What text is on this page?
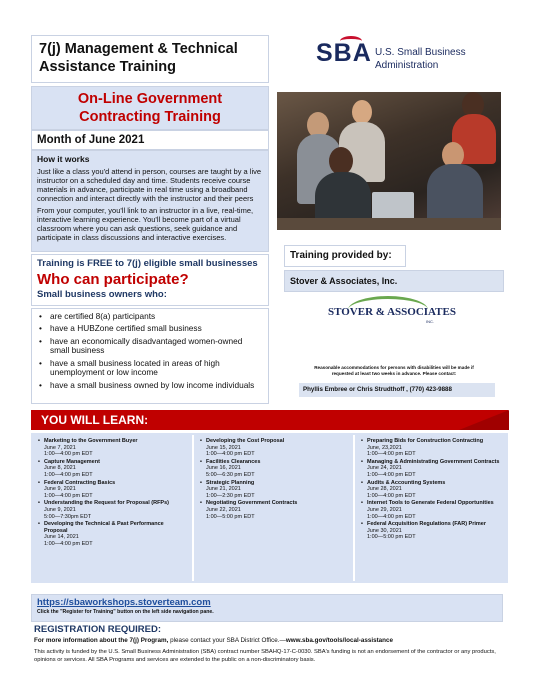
7(j) Management & Technical
Assistance Training	SBA U.S. Small Business
Administration
On-Line Government
Contracting Training
Month of June 2021
How it works

Just like a class you'd attend in person, courses are taught by a live instructor on a scheduled day and time. Students receive course materials in advance, participate in real time using a broadband connection and interact directly with the instructor and their peers

From your computer, you'll link to an instructor in a live, real-time, interactive learning experience. You'll become part of a virtual classroom where you can ask questions, seek guidance and participate in class discussions and interactive exercises.

Training provided by:
Stover & Associates, Inc.
STOVER & ASSOCIATES
INC.
Reasonable accommodations for persons with disabilities will be made if requested at least two weeks in advance. Please contact:
Phyllis Embree or Chris Strudthoff , (770) 423-9888
Training is FREE to 7(j) eligible small businesses
Who can participate?
Small business owners who:
• are certified 8(a) participants
• have a HUBZone certified small business
• have an economically disadvantaged women-owned small business
• have a small business located in areas of high unemployment or low income
• have a small business owned by low income individuals
YOU WILL LEARN:
• Marketing to the Government Buyer
June 7, 2021
1:00—4:00 pm EDT
• Capture Management
June 8, 2021
1:00—4:00 pm EDT
• Federal Contracting Basics
June 9, 2021
1:00—4:00 pm EDT
• Understanding the Request for Proposal (RFPs)
June 9, 2021
5:00—7:30pm EDT
• Developing the Technical & Past Performance Proposal
June 14, 2021
1:00—4:00 pm EDT
• Developing the Cost Proposal
June 15, 2021
1:00—4:00 pm EDT
• Facilities Clearances
June 16, 2021
5:00—6:30 pm EDT
• Strategic Planning
June 21, 2021
1:00—2:30 pm EDT
• Negotiating Government Contracts
June 22, 2021
1:00—5:00 pm EDT
• Preparing Bids for Construction Contracting
June, 23,2021
1:00—4:00 pm EDT
• Managing & Administrating Government Contracts
June 24, 2021
1:00—4:00 pm EDT
• Audits & Accounting Systems
June 28, 2021
1:00—4:00 pm EDT
• Internet Tools to Generate Federal Opportunities
June 29, 2021
1:00—4:00 pm EDT
• Federal Acquisition Regulations (FAR) Primer
June 30, 2021
1:00—5:00 pm EDT
https://sbaworkshops.stoverteam.com
Click the "Register for Training" button on the left side navigation pane.
REGISTRATION REQUIRED:
For more information about the 7(j) Program, please contact your SBA District Office.—www.sba.gov/tools/local-assistance
This activity is funded by the U.S. Small Business Administration (SBA) contract number SBAHQ-17-C-0030. SBA's funding is not an endorsement of the contractor or any products, opinions or services. All SBA Programs and services are extended to the public on a non-discriminatory basis.
